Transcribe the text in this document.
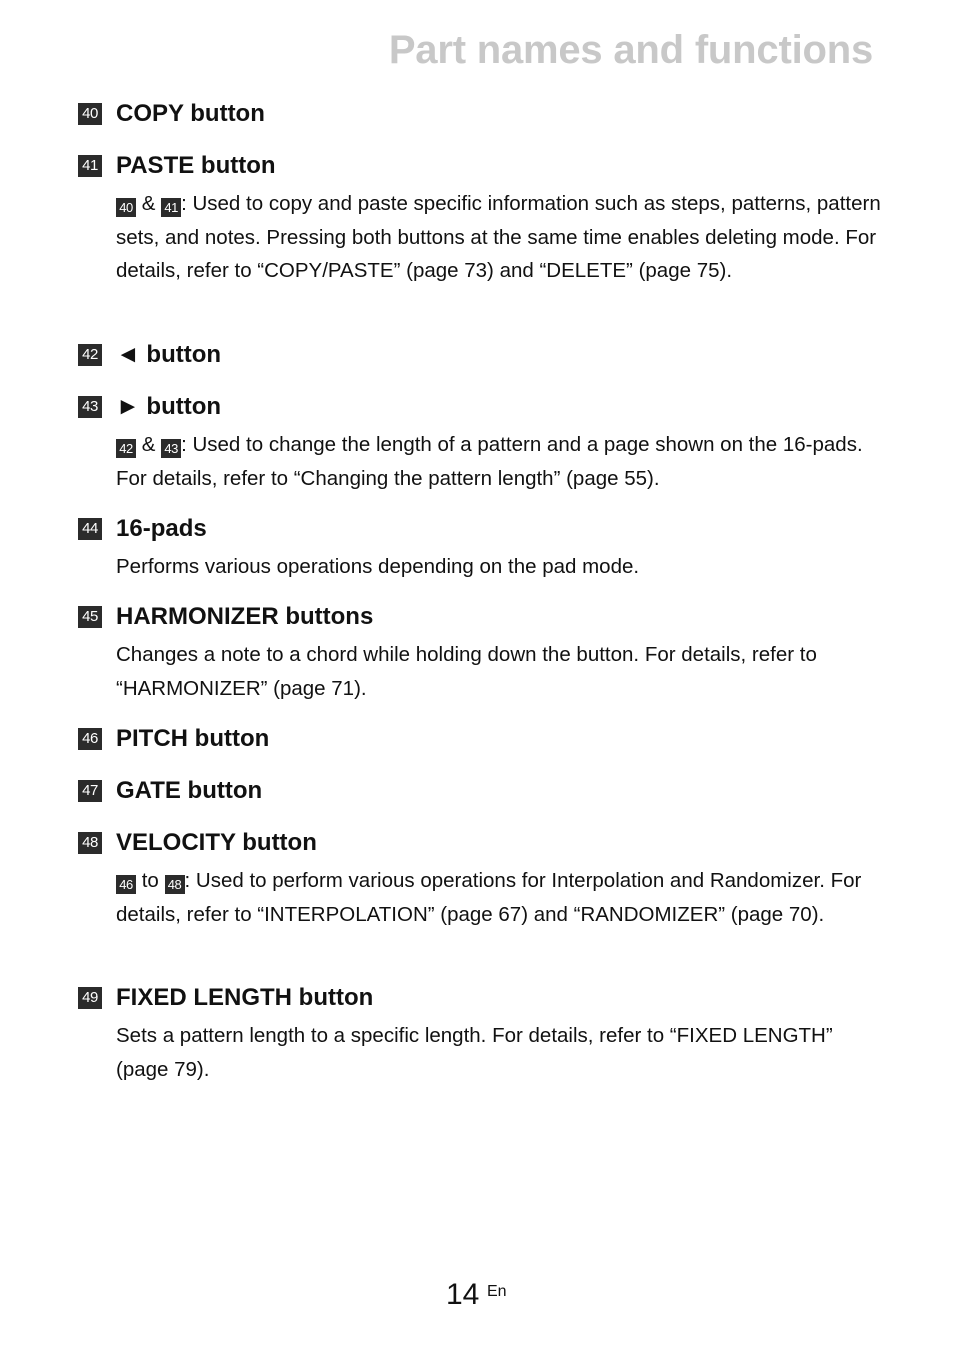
Part names and functions
40 COPY button
41 PASTE button
40 & 41 : Used to copy and paste specific information such as steps, patterns, pattern sets, and notes. Pressing both buttons at the same time enables deleting mode. For details, refer to “COPY/PASTE” (page 73) and “DELETE” (page 75).
42 ◄ button
43 ► button
42 & 43 : Used to change the length of a pattern and a page shown on the 16-pads. For details, refer to “Changing the pattern length” (page 55).
44 16-pads
Performs various operations depending on the pad mode.
45 HARMONIZER buttons
Changes a note to a chord while holding down the button. For details, refer to “HARMONIZER” (page 71).
46 PITCH button
47 GATE button
48 VELOCITY button
46 to 48 : Used to perform various operations for Interpolation and Randomizer. For details, refer to “INTERPOLATION” (page 67) and “RANDOMIZER” (page 70).
49 FIXED LENGTH button
Sets a pattern length to a specific length. For details, refer to “FIXED LENGTH” (page 79).
14 En
